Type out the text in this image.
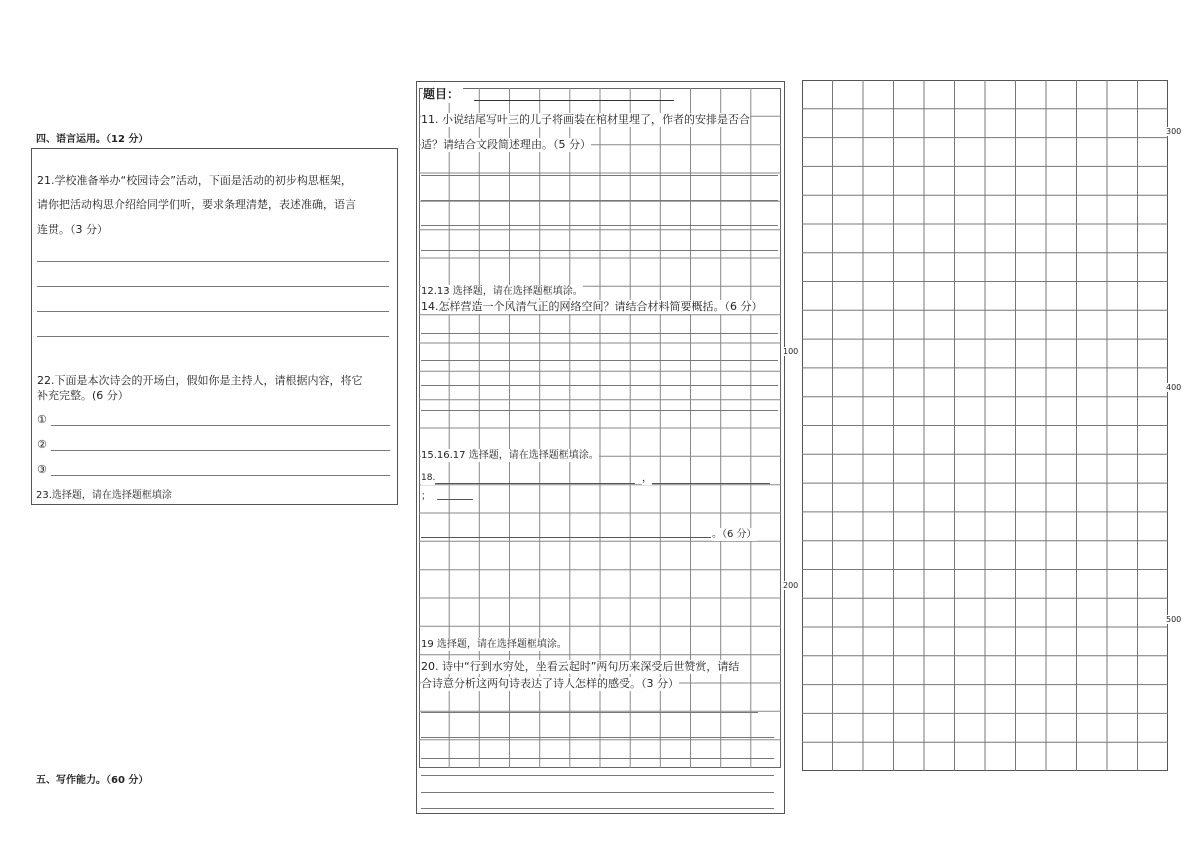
四、语言运用。（12 分）
21.学校准备举办“校园诗会”活动，下面是活动的初步构思框架，
请你把活动构思介绍给同学们听，要求条理清楚，表述准确，语言
连贯。（3 分）
22.下面是本次诗会的开场白，假如你是主持人，请根据内容，将它
补充完整。(6 分）
①
②
③
23.选择题，请在选择题框填涂
五、写作能力。（60 分）
题目：
11. 小说结尾写叶三的儿子将画装在棺材里埋了，作者的安排是否合
适？请结合文段简述理由。（5 分）
12.13 选择题，请在选择题框填涂。
14.怎样营造一个风清气正的网络空间？请结合材料简要概括。（6 分）
100
15.16.17 选择题，请在选择题框填涂。
18.	，
；
。（6 分）
200
19 选择题，请在选择题框填涂。
20. 诗中“行到水穷处，坐看云起时”两句历来深受后世赞赏，请结
合诗意分析这两句诗表达了诗人怎样的感受。（3 分）
300
400
500
